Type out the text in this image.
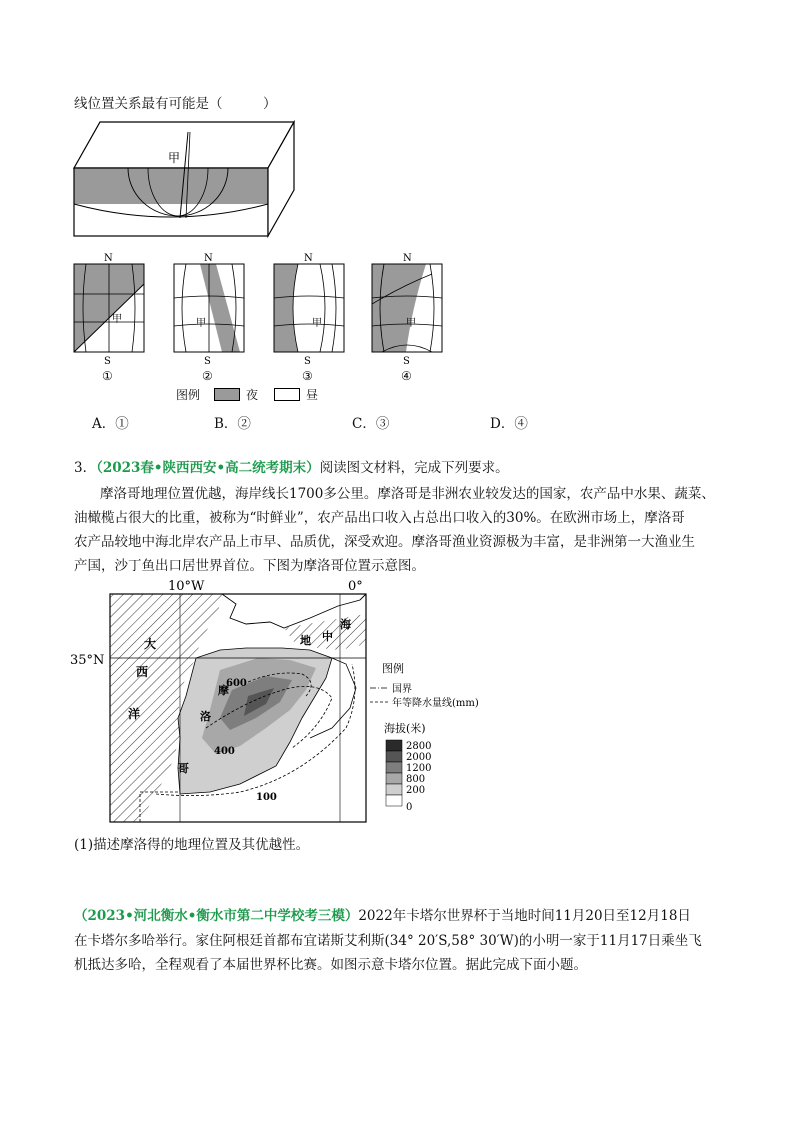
线位置关系最有可能是（　　　）
甲
N	N	N	N
S	S	S	S
①	②	③	④
甲	甲	甲	甲
图例	夜	昼
A．①	B．②	C．③	D．④
3．（2023春•陕西西安•高二统考期末）阅读图文材料，完成下列要求。
摩洛哥地理位置优越，海岸线长1700多公里。摩洛哥是非洲农业较发达的国家，农产品中水果、蔬菜、
油橄榄占很大的比重，被称为“时鲜业”，农产品出口收入占总出口收入的30%。在欧洲市场上，摩洛哥
农产品较地中海北岸农产品上市早、品质优，深受欢迎。摩洛哥渔业资源极为丰富，是非洲第一大渔业生
产国，沙丁鱼出口居世界首位。下图为摩洛哥位置示意图。
10°W	0°
35°N
大
西
洋
地 中
海
摩
洛
哥
600
400
100
图例
国界
年等降水量线(mm)
海拔(米)
2800
2000
1200
800
200
0
(1)描述摩洛得的地理位置及其优越性。
（2023•河北衡水•衡水市第二中学校考三模）2022年卡塔尔世界杯于当地时间11月20日至12月18日
在卡塔尔多哈举行。家住阿根廷首都布宜诺斯艾利斯(34° 20′S,58° 30′W)的小明一家于11月17日乘坐飞
机抵达多哈，全程观看了本届世界杯比赛。如图示意卡塔尔位置。据此完成下面小题。
